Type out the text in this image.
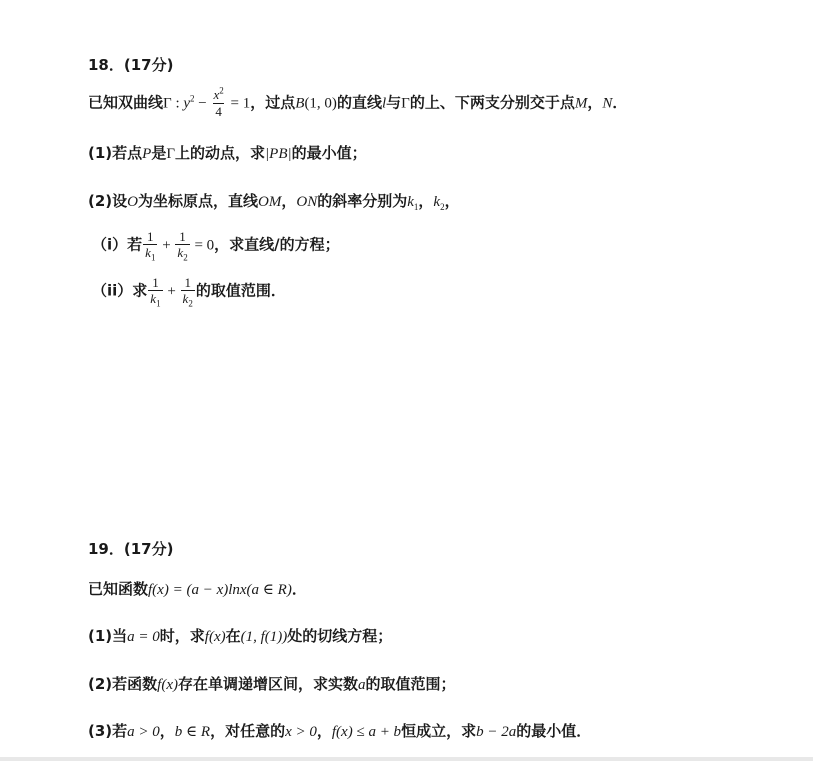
18．(17分)
已知双曲线Γ : $y^2 - \frac{x^2}{4} = 1$，过点B(1, 0)的直线l与Γ的上、下两支分别交于点M，N．
(1)若点P是Γ上的动点，求|PB|的最小值；
(2)设O为坐标原点，直线OM，ON的斜率分别为$k_1$，$k_2$，
（i）若 $\frac{1}{k_1} + \frac{1}{k_2} = 0$，求直线/的方程；
（ii）求 $\frac{1}{k_1} + \frac{1}{k_2}$ 的取值范围．
19．(17分)
已知函数f(x) = (a − x)lnx(a ∈ R)．
(1)当a = 0时，求f(x)在(1, f(1))处的切线方程；
(2)若函数f(x)存在单调递增区间，求实数a的取值范围；
(3)若a > 0，b ∈ R，对任意的x > 0，f(x) ≤ a + b恒成立，求b − 2a的最小值．
